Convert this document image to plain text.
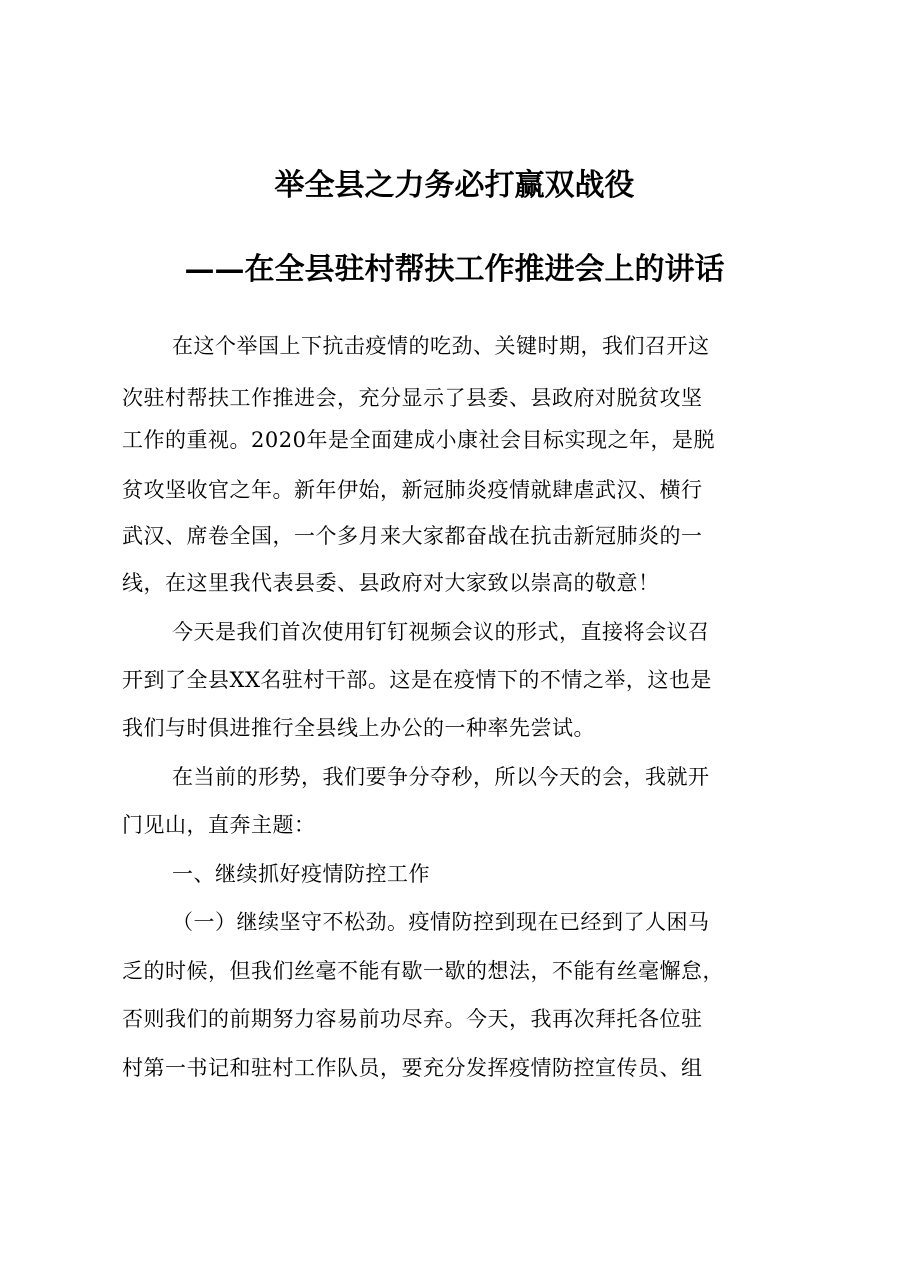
举全县之力务必打赢双战役
——在全县驻村帮扶工作推进会上的讲话

在这个举国上下抗击疫情的吃劲、关键时期，我们召开这

次驻村帮扶工作推进会，充分显示了县委、县政府对脱贫攻坚

工作的重视。2020年是全面建成小康社会目标实现之年，是脱

贫攻坚收官之年。新年伊始，新冠肺炎疫情就肆虐武汉、横行

武汉、席卷全国，一个多月来大家都奋战在抗击新冠肺炎的一

线，在这里我代表县委、县政府对大家致以崇高的敬意！

今天是我们首次使用钉钉视频会议的形式，直接将会议召

开到了全县XX名驻村干部。这是在疫情下的不情之举，这也是

我们与时俱进推行全县线上办公的一种率先尝试。

在当前的形势，我们要争分夺秒，所以今天的会，我就开

门见山，直奔主题：

一、继续抓好疫情防控工作

（一）继续坚守不松劲。疫情防控到现在已经到了人困马

乏的时候，但我们丝毫不能有歇一歇的想法，不能有丝毫懈怠，

否则我们的前期努力容易前功尽弃。今天，我再次拜托各位驻

村第一书记和驻村工作队员，要充分发挥疫情防控宣传员、组
